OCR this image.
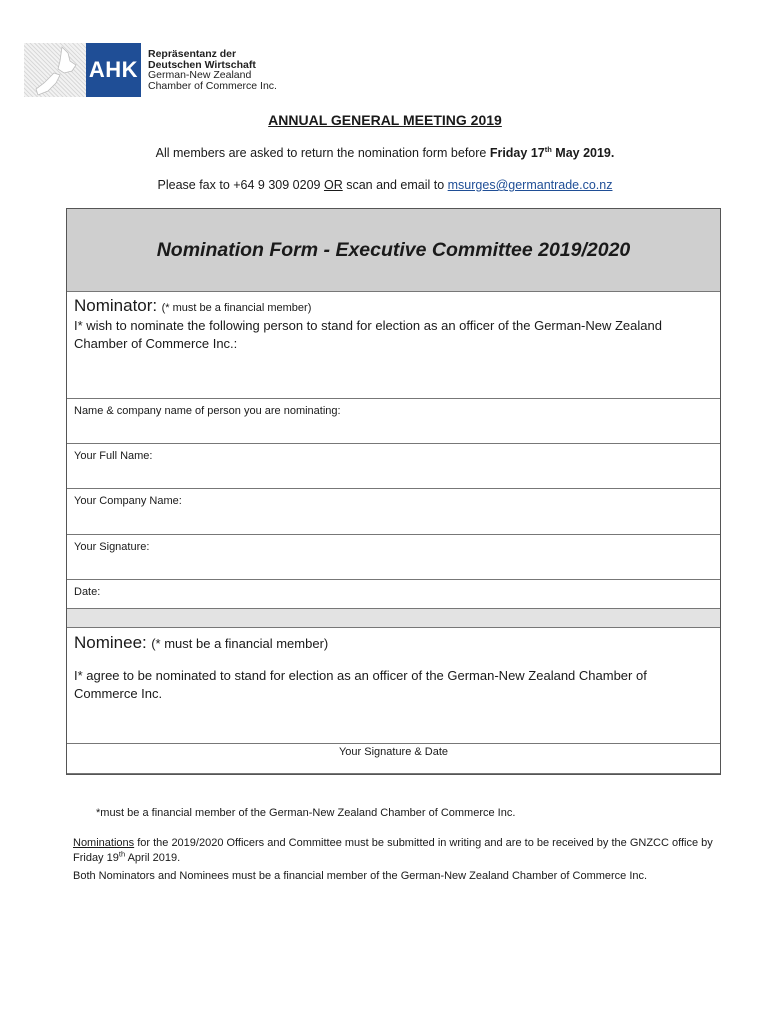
AHK
Repräsentanz der
Deutschen Wirtschaft
German-New Zealand
Chamber of Commerce Inc.
ANNUAL GENERAL MEETING 2019
All members are asked to return the nomination form before Friday 17th May 2019.
Please fax to +64 9 309 0209 OR scan and email to msurges@germantrade.co.nz
Nomination Form - Executive Committee 2019/2020
Nominator: (* must be a financial member)
I* wish to nominate the following person to stand for election as an officer of the German-New Zealand Chamber of Commerce Inc.:
Name & company name of person you are nominating:
Your Full Name:
Your Company Name:
Your Signature:
Date:
Nominee: (* must be a financial member)
I* agree to be nominated to stand for election as an officer of the German-New Zealand Chamber of Commerce Inc.
Your Signature & Date
*must be a financial member of the German-New Zealand Chamber of Commerce Inc.
Nominations for the 2019/2020 Officers and Committee must be submitted in writing and are to be received by the GNZCC office by Friday 19th April 2019.
Both Nominators and Nominees must be a financial member of the German-New Zealand Chamber of Commerce Inc.
